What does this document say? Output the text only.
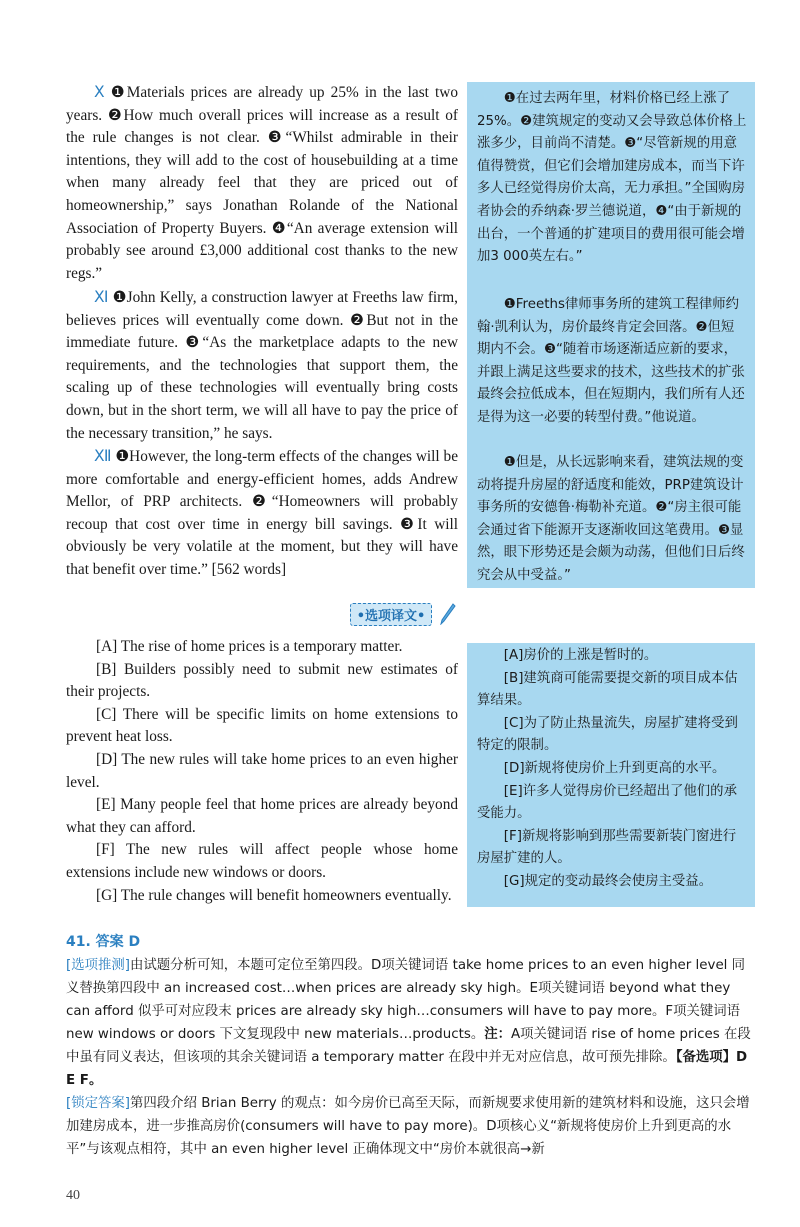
Ⅹ ❶Materials prices are already up 25% in the last two years. ❷How much overall prices will increase as a result of the rule changes is not clear. ❸“Whilst admirable in their intentions, they will add to the cost of housebuilding at a time when many already feel that they are priced out of homeownership,” says Jonathan Rolande of the National Association of Property Buyers. ❹“An average extension will probably see around £3,000 additional cost thanks to the new regs.”

Ⅺ ❶John Kelly, a construction lawyer at Freeths law firm, believes prices will eventually come down. ❷But not in the immediate future. ❸“As the marketplace adapts to the new requirements, and the technologies that support them, the scaling up of these technologies will eventually bring costs down, but in the short term, we will all have to pay the price of the necessary transition,” he says.

Ⅻ ❶However, the long-term effects of the changes will be more comfortable and energy-efficient homes, adds Andrew Mellor, of PRP architects. ❷“Homeowners will probably recoup that cost over time in energy bill savings. ❸It will obviously be very volatile at the moment, but they will have that benefit over time.” [562 words]

❶在过去两年里，材料价格已经上涨了25%。❷建筑规定的变动又会导致总体价格上涨多少，目前尚不清楚。❸“尽管新规的用意值得赞赏，但它们会增加建房成本，而当下许多人已经觉得房价太高，无力承担。”全国购房者协会的乔纳森·罗兰德说道，❹“由于新规的出台，一个普通的扩建项目的费用很可能会增加3 000英左右。”
❶Freeths律师事务所的建筑工程律师约翰·凯利认为，房价最终肯定会回落。❷但短期内不会。❸“随着市场逐渐适应新的要求，并跟上满足这些要求的技术，这些技术的扩张最终会拉低成本，但在短期内，我们所有人还是得为这一必要的转型付费。”他说道。
❶但是，从长远影响来看，建筑法规的变动将提升房屋的舒适度和能效，PRP建筑设计事务所的安德鲁·梅勒补充道。❷“房主很可能会通过省下能源开支逐渐收回这笔费用。❸显然，眼下形势还是会颇为动荡，但他们日后终究会从中受益。”
•选项译文•

[A] The rise of home prices is a temporary matter.

[B] Builders possibly need to submit new estimates of their projects.

[C] There will be specific limits on home extensions to prevent heat loss.

[D] The new rules will take home prices to an even higher level.

[E] Many people feel that home prices are already beyond what they can afford.

[F] The new rules will affect people whose home extensions include new windows or doors.

[G] The rule changes will benefit homeowners eventually.

[A]房价的上涨是暂时的。

[B]建筑商可能需要提交新的项目成本估算结果。

[C]为了防止热量流失，房屋扩建将受到特定的限制。

[D]新规将使房价上升到更高的水平。

[E]许多人觉得房价已经超出了他们的承受能力。

[F]新规将影响到那些需要新装门窗进行房屋扩建的人。

[G]规定的变动最终会使房主受益。

41. 答案 D
[选项推测]由试题分析可知，本题可定位至第四段。D项关键词语 take home prices to an even higher level 同义替换第四段中 an increased cost…when prices are already sky high。E项关键词语 beyond what they can afford 似乎可对应段末 prices are already sky high…consumers will have to pay more。F项关键词语 new windows or doors 下文复现段中 new materials…products。注：A项关键词语 rise of home prices 在段中虽有同义表达，但该项的其余关键词语 a temporary matter 在段中并无对应信息，故可预先排除。【备选项】D E F。
[锁定答案]第四段介绍 Brian Berry 的观点：如今房价已高至天际，而新规要求使用新的建筑材料和设施，这只会增加建房成本，进一步推高房价(consumers will have to pay more)。D项核心义“新规将使房价上升到更高的水平”与该观点相符，其中 an even higher level 正确体现文中“房价本就很高→新
40
